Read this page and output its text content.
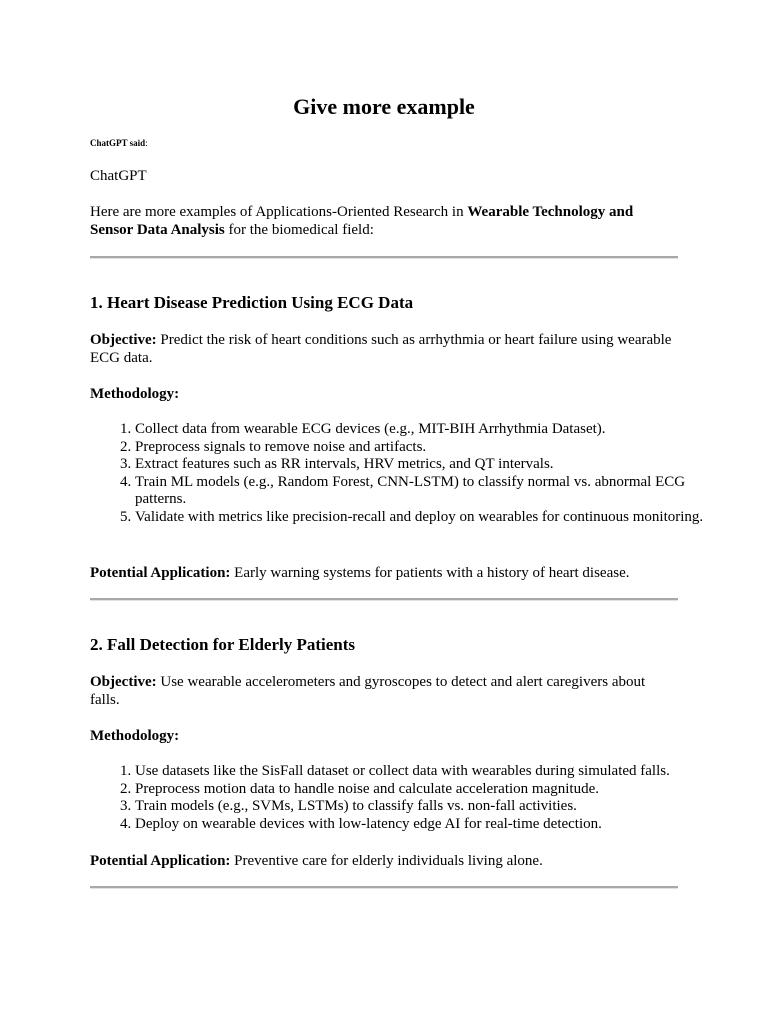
Give more example
ChatGPT said:
ChatGPT
Here are more examples of Applications-Oriented Research in Wearable Technology and Sensor Data Analysis for the biomedical field:
1. Heart Disease Prediction Using ECG Data

Objective: Predict the risk of heart conditions such as arrhythmia or heart failure using wearable ECG data.

Methodology:

1. Collect data from wearable ECG devices (e.g., MIT-BIH Arrhythmia Dataset).
2. Preprocess signals to remove noise and artifacts.
3. Extract features such as RR intervals, HRV metrics, and QT intervals.
4. Train ML models (e.g., Random Forest, CNN-LSTM) to classify normal vs. abnormal ECG patterns.
5. Validate with metrics like precision-recall and deploy on wearables for continuous monitoring.

Potential Application: Early warning systems for patients with a history of heart disease.

2. Fall Detection for Elderly Patients

Objective: Use wearable accelerometers and gyroscopes to detect and alert caregivers about falls.

Methodology:

1. Use datasets like the SisFall dataset or collect data with wearables during simulated falls.
2. Preprocess motion data to handle noise and calculate acceleration magnitude.
3. Train models (e.g., SVMs, LSTMs) to classify falls vs. non-fall activities.
4. Deploy on wearable devices with low-latency edge AI for real-time detection.

Potential Application: Preventive care for elderly individuals living alone.
